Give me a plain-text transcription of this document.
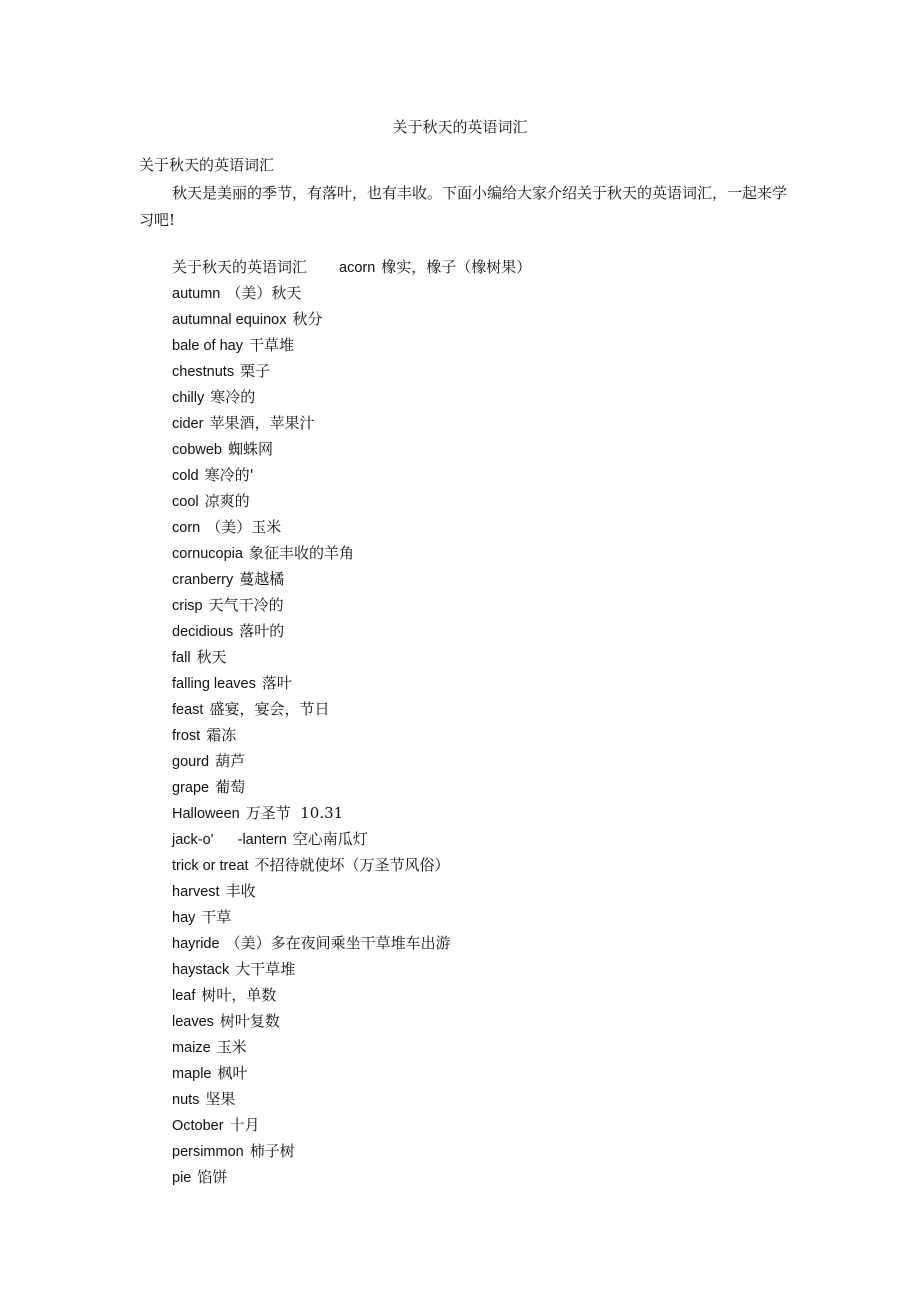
关于秋天的英语词汇
关于秋天的英语词汇
秋天是美丽的季节，有落叶，也有丰收。下面小编给大家介绍关于秋天的英语词汇，一起来学习吧!
关于秋天的英语词汇 acorn 橡实，橡子（橡树果）
autumn （美）秋天
autumnal equinox 秋分
bale of hay 干草堆
chestnuts 栗子
chilly 寒冷的
cider 苹果酒，苹果汁
cobweb 蜘蛛网
cold 寒冷的'
cool 凉爽的
corn （美）玉米
cornucopia 象征丰收的羊角
cranberry 蔓越橘
crisp 天气干冷的
decidious 落叶的
fall 秋天
falling leaves 落叶
feast 盛宴，宴会，节日
frost 霜冻
gourd 葫芦
grape 葡萄
Halloween 万圣节  10.31
jack-o'      -lantern 空心南瓜灯
trick or treat 不招待就使坏（万圣节风俗）
harvest 丰收
hay 干草
hayride （美）多在夜间乘坐干草堆车出游
haystack 大干草堆
leaf 树叶，单数
leaves 树叶复数
maize 玉米
maple 枫叶
nuts 坚果
October 十月
persimmon 柿子树
pie 馅饼
